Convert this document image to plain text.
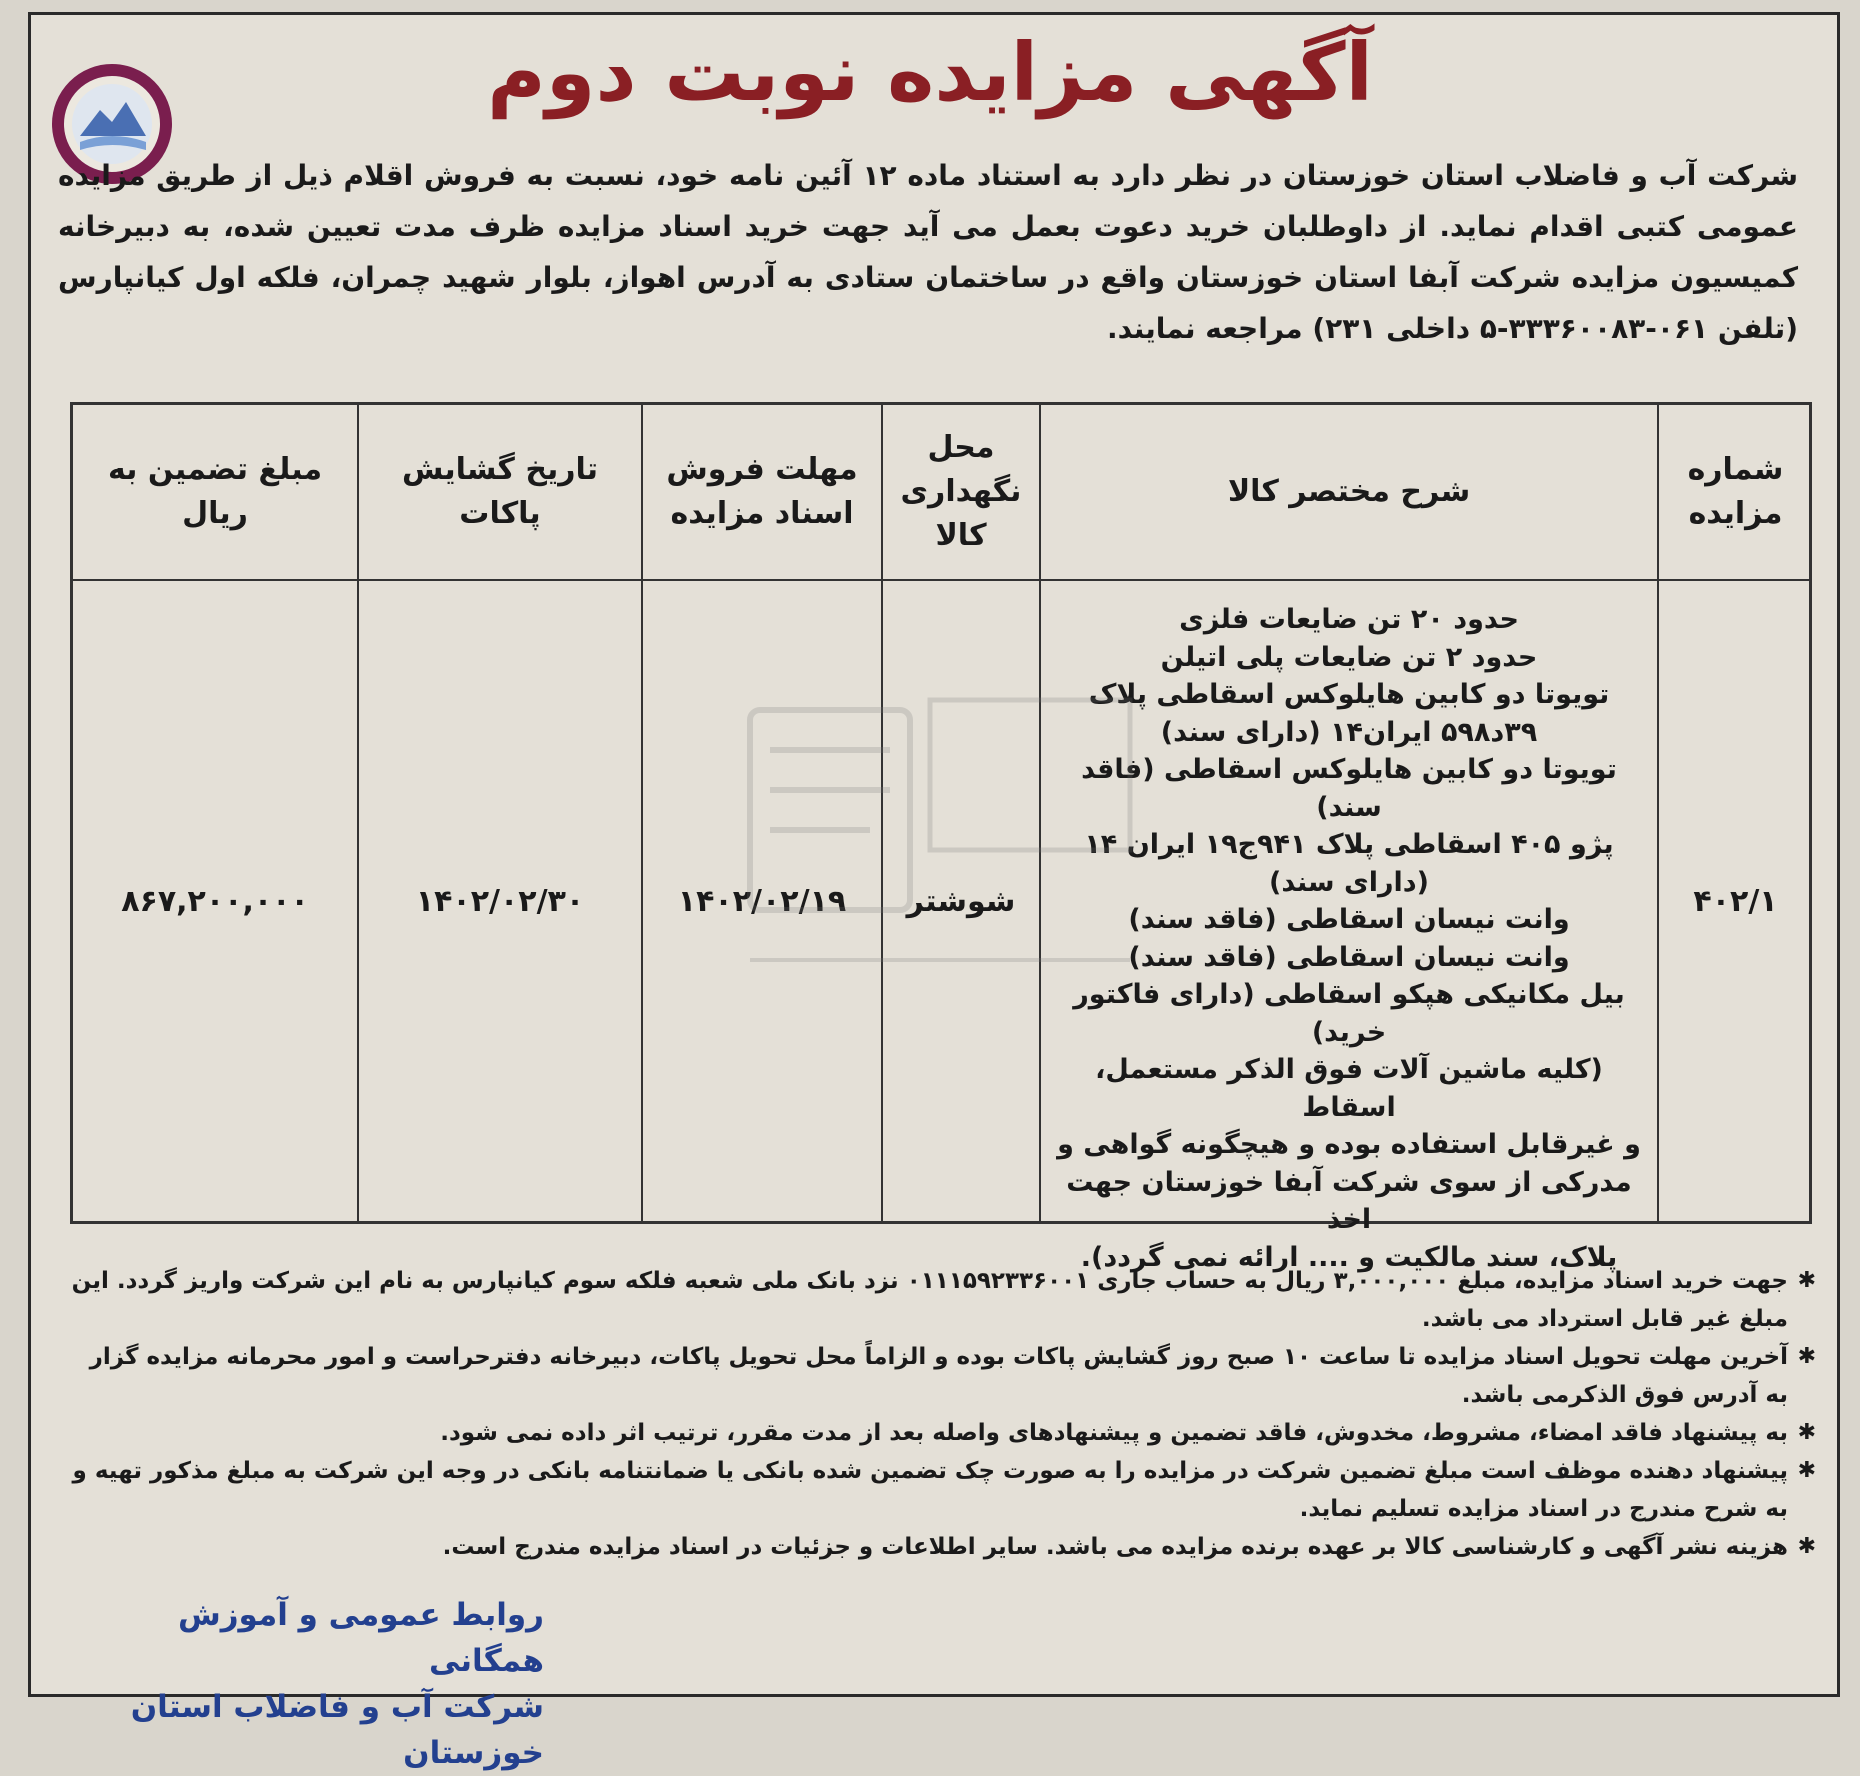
آگهی مزایده نوبت دوم
شرکت آب و فاضلاب استان خوزستان در نظر دارد به استناد ماده ۱۲ آئین نامه خود، نسبت به فروش اقلام ذیل از طریق مزایده عمومی کتبی اقدام نماید. از داوطلبان خرید دعوت بعمل می آید جهت خرید اسناد مزایده ظرف مدت تعیین شده، به دبیرخانه کمیسیون مزایده شرکت آبفا استان خوزستان واقع در ساختمان ستادی به آدرس اهواز، بلوار شهید چمران، فلکه اول کیانپارس (تلفن ۰۶۱-۳۳۳۶۰۰۸۳-۵ داخلی ۲۳۱) مراجعه نمایند.
شماره مزایده
۴۰۲/۱
شرح مختصر کالا
حدود ۲۰ تن ضایعات فلزی
حدود ۲ تن ضایعات پلی اتیلن
تویوتا دو کابین هایلوکس اسقاطی پلاک
۳۹د۵۹۸ ایران۱۴ (دارای سند)
تویوتا دو کابین هایلوکس اسقاطی (فاقد سند)
پژو ۴۰۵ اسقاطی پلاک ۹۴۱ج۱۹ ایران ۱۴
(دارای سند)
وانت نیسان اسقاطی (فاقد سند)
وانت نیسان اسقاطی (فاقد سند)
بیل مکانیکی هپکو اسقاطی (دارای فاکتور خرید)
(کلیه ماشین آلات فوق الذکر مستعمل، اسقاط
و غیرقابل استفاده بوده و هیچگونه گواهی و
مدرکی از سوی شرکت آبفا خوزستان جهت اخذ
پلاک، سند مالکیت و .... ارائه نمی گردد).
محل نگهداری کالا
شوشتر
مهلت فروش اسناد مزایده
۱۴۰۲/۰۲/۱۹
تاریخ گشایش پاکات
۱۴۰۲/۰۲/۳۰
مبلغ تضمین به ریال
۸۶۷,۲۰۰,۰۰۰

✱
جهت خرید اسناد مزایده، مبلغ ۳,۰۰۰,۰۰۰ ریال به حساب جاری ۰۱۱۱۵۹۲۳۳۶۰۰۱ نزد بانک ملی شعبه فلکه سوم کیانپارس به نام این شرکت واریز گردد. این مبلغ غیر قابل استرداد می باشد.

✱
آخرین مهلت تحویل اسناد مزایده تا ساعت ۱۰ صبح روز گشایش پاکات بوده و الزاماً محل تحویل پاکات، دبیرخانه دفترحراست و امور محرمانه مزایده گزار به آدرس فوق الذکرمی باشد.

✱
به پیشنهاد فاقد امضاء، مشروط، مخدوش، فاقد تضمین و پیشنهادهای واصله بعد از مدت مقرر، ترتیب اثر داده نمی شود.

✱
پیشنهاد دهنده موظف است مبلغ تضمین شرکت در مزایده را به صورت چک تضمین شده بانکی یا ضمانتنامه بانکی در وجه این شرکت به مبلغ مذکور تهیه و به شرح مندرج در اسناد مزایده تسلیم نماید.

✱
هزینه نشر آگهی و کارشناسی کالا بر عهده برنده مزایده می باشد. سایر اطلاعات و جزئیات در اسناد مزایده مندرج است.

روابط عمومی و آموزش همگانی
شرکت آب و فاضلاب استان خوزستان
